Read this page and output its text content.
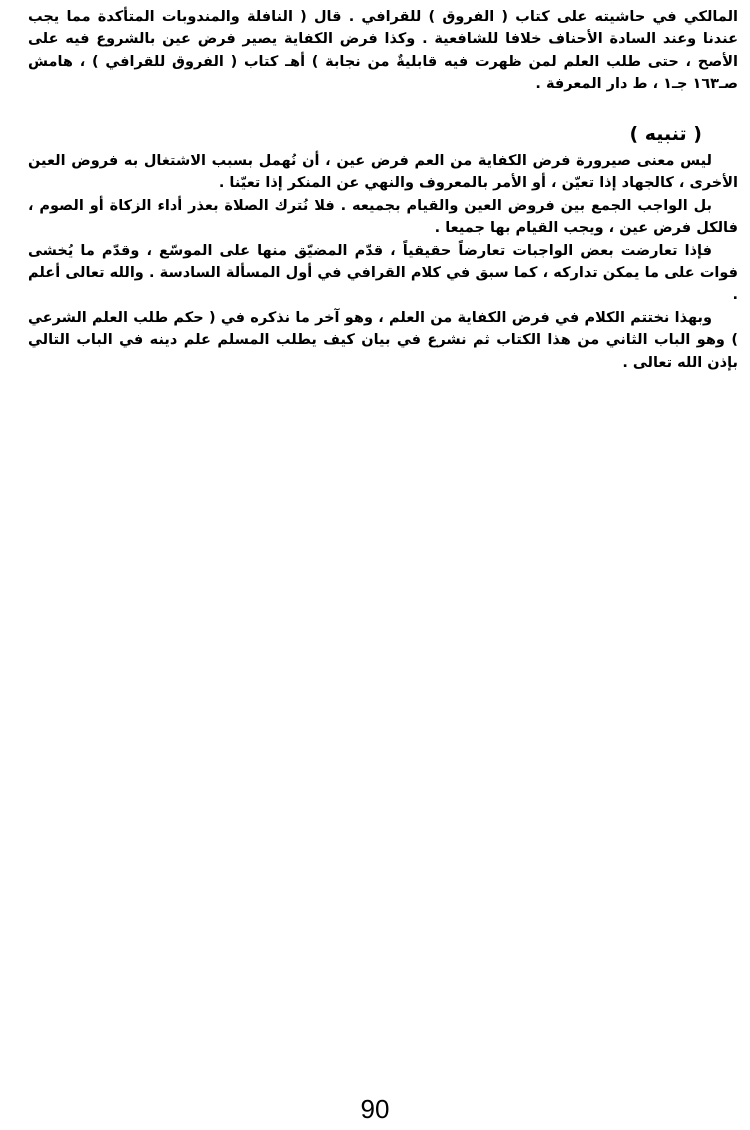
المالكي في حاشيته على كتاب ( الفروق ) للقرافي . قال ( النافلة والمندوبات المتأكدة مما يجب عندنا وعند السادة الأحناف خلافا للشافعية . وكذا فرض الكفاية يصير فرض عين بالشروع فيه على الأصح ، حتى طلب العلم لمن ظهرت فيه قابليةٌ من نجابة ) أهـ كتاب ( الفروق للقرافي ) ، هامش صـ١٦٣ جـ١ ، ط دار المعرفة .
( تنبيه )

ليس معنى صيرورة فرض الكفاية من العم فرض عين ، أن نُهمل بسبب الاشتغال به فروض العين الأخرى ، كالجهاد إذا تعيّن ، أو الأمر بالمعروف والنهي عن المنكر إذا تعيّنا .

بل الواجب الجمع بين فروض العين والقيام بجميعه . فلا نُترك الصلاة بعذر أداء الزكاة أو الصوم ، فالكل فرض عين ، ويجب القيام بها جميعا .

فإذا تعارضت بعض الواجبات تعارضاً حقيقياً ، قدّم المضيّق منها على الموسّع ، وقدّم ما يُخشى فوات على ما يمكن تداركه ، كما سبق في كلام القرافي في أول المسألة السادسة . والله تعالى أعلم .

وبهذا نختتم الكلام في فرض الكفاية من العلم ، وهو آخر ما نذكره في ( حكم طلب العلم الشرعي ) وهو الباب الثاني من هذا الكتاب ثم نشرع في بيان كيف يطلب المسلم علم دينه في الباب التالي بإذن الله تعالى .

90
